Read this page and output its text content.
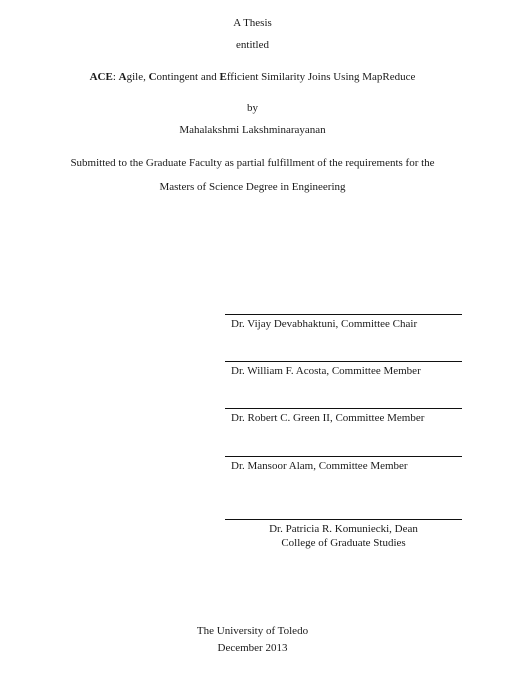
A Thesis
entitled
ACE: Agile, Contingent and Efficient Similarity Joins Using MapReduce
by
Mahalakshmi Lakshminarayanan
Submitted to the Graduate Faculty as partial fulfillment of the requirements for the
Masters of Science Degree in Engineering
Dr. Vijay Devabhaktuni, Committee Chair
Dr. William F. Acosta, Committee Member
Dr. Robert C. Green II, Committee Member
Dr. Mansoor Alam, Committee Member
Dr. Patricia R. Komuniecki, Dean
College of Graduate Studies
The University of Toledo
December 2013
